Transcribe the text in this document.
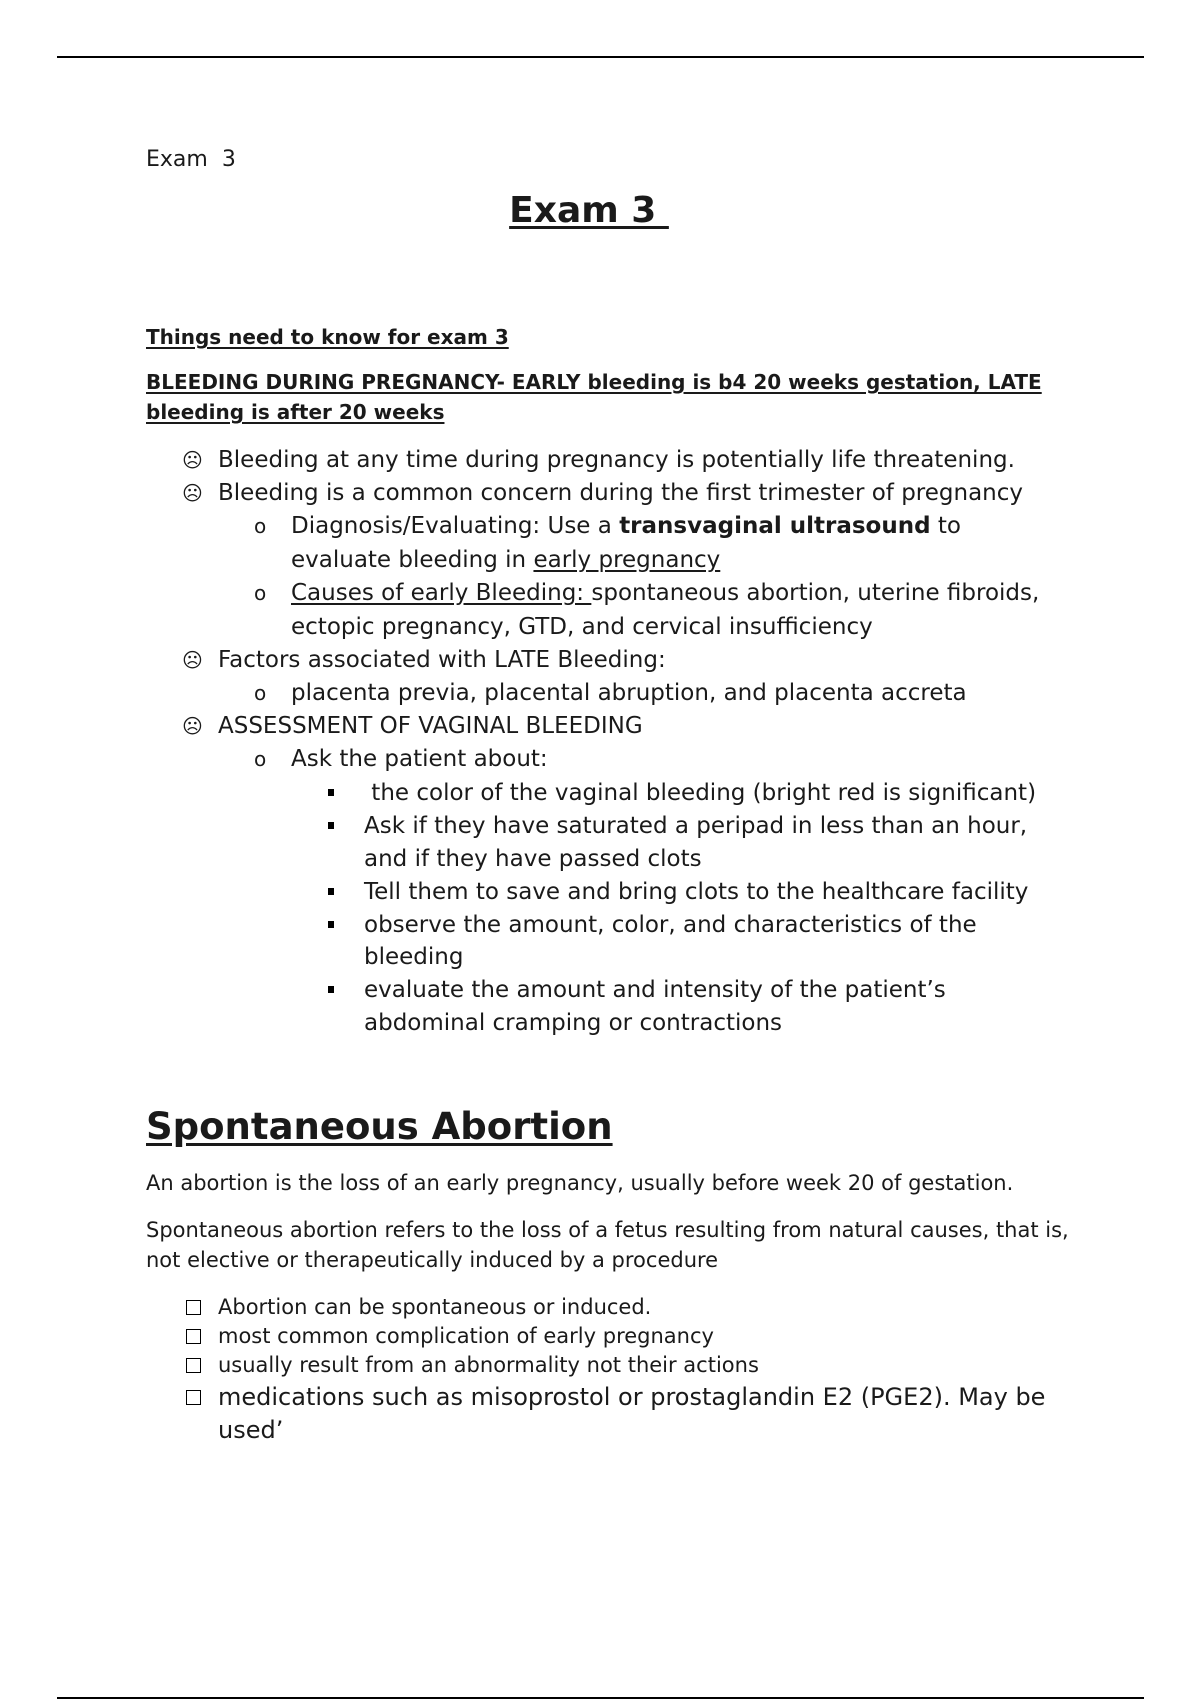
Exam  3
Exam 3
Things need to know for exam 3
BLEEDING DURING PREGNANCY- EARLY bleeding is b4 20 weeks gestation, LATE bleeding is after 20 weeks
☹ Bleeding at any time during pregnancy is potentially life threatening.
☹ Bleeding is a common concern during the first trimester of pregnancy
o Diagnosis/Evaluating: Use a transvaginal ultrasound to
evaluate bleeding in early pregnancy
o Causes of early Bleeding: spontaneous abortion, uterine fibroids,
ectopic pregnancy, GTD, and cervical insufficiency
☹ Factors associated with LATE Bleeding:
o placenta previa, placental abruption, and placenta accreta
☹ ASSESSMENT OF VAGINAL BLEEDING
o Ask the patient about:
the color of the vaginal bleeding (bright red is significant)
Ask if they have saturated a peripad in less than an hour,
and if they have passed clots
Tell them to save and bring clots to the healthcare facility
observe the amount, color, and characteristics of the
bleeding
evaluate the amount and intensity of the patient’s
abdominal cramping or contractions
Spontaneous Abortion
An abortion is the loss of an early pregnancy, usually before week 20 of gestation.
Spontaneous abortion refers to the loss of a fetus resulting from natural causes, that is, not elective or therapeutically induced by a procedure
Abortion can be spontaneous or induced.
most common complication of early pregnancy
usually result from an abnormality not their actions
medications such as misoprostol or prostaglandin E2 (PGE2). May be
used’
